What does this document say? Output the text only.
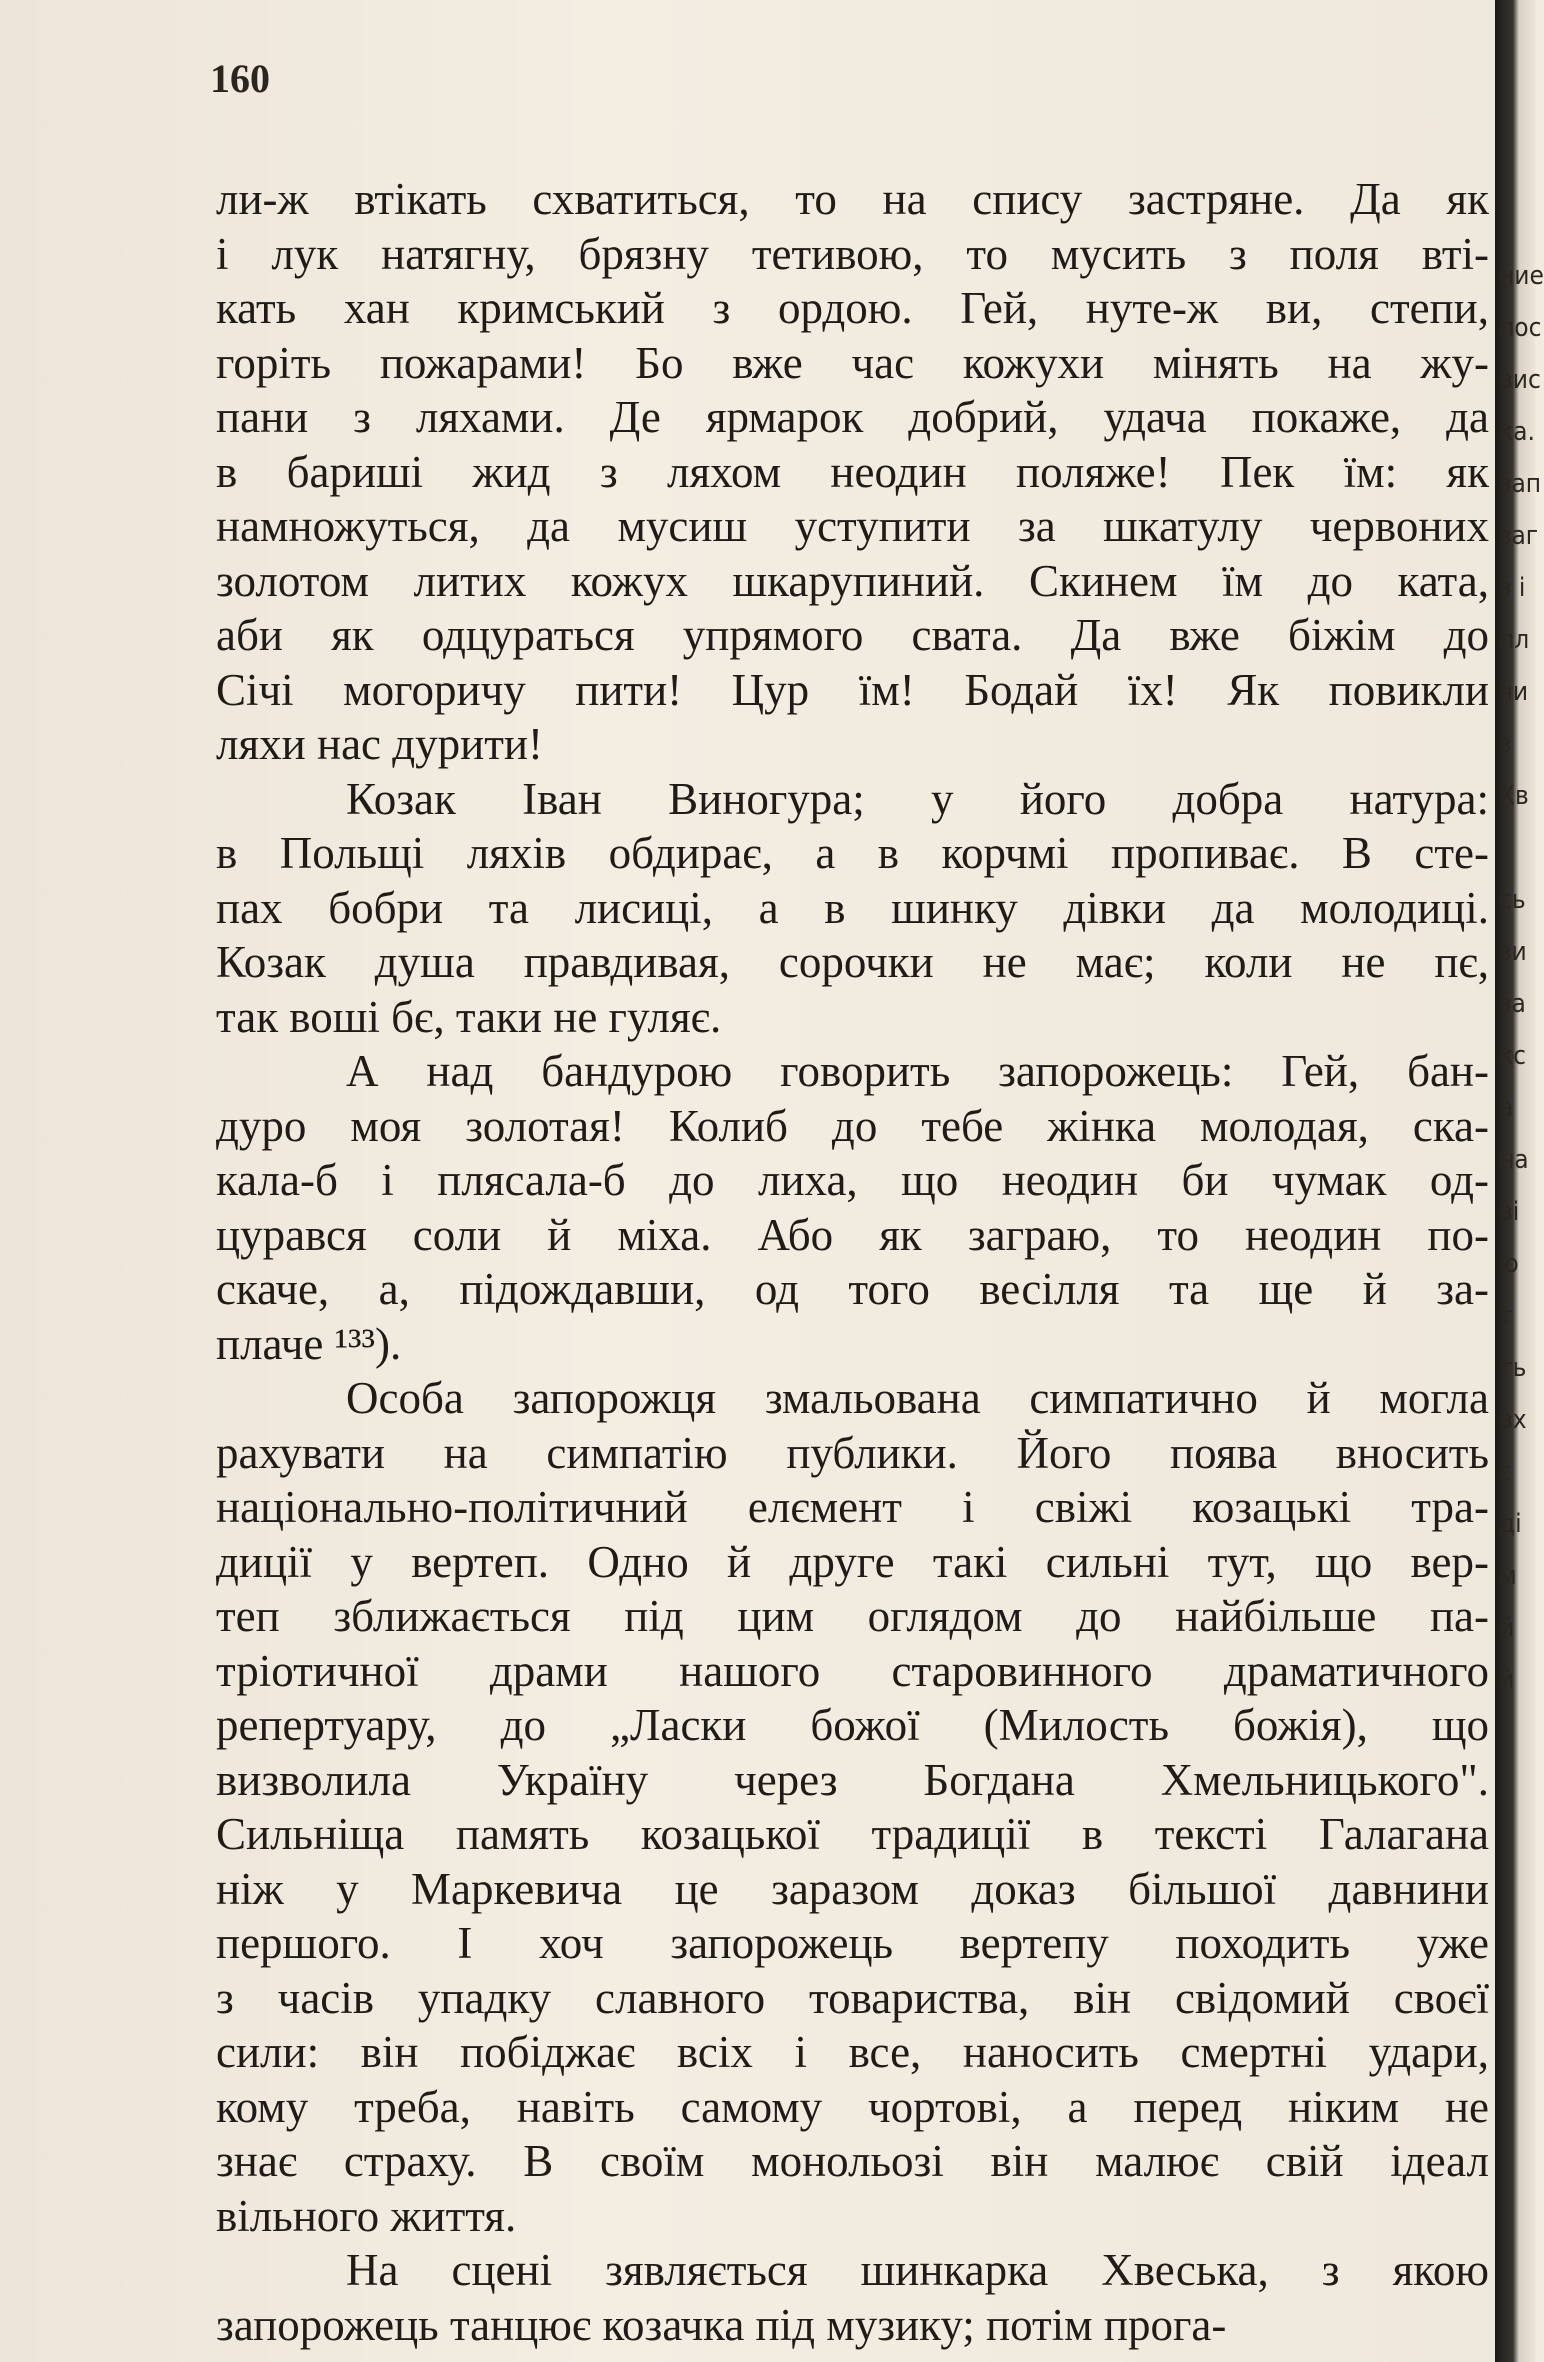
160
ли-ж втікать схватиться, то на спису застряне. Да як
і лук натягну, брязну тетивою, то мусить з поля вті-
кать хан кримський з ордою. Гей, нуте-ж ви, степи,
горіть пожарами! Бо вже час кожухи мінять на жу-
пани з ляхами. Де ярмарок добрий, удача покаже, да
в бариші жид з ляхом неодин поляже! Пек їм: як
намножуться, да мусиш уступити за шкатулу червоних
золотом литих кожух шкарупиний. Скинем їм до ката,
аби як одцураться упрямого свата. Да вже біжім до
Січі могоричу пити! Цур їм! Бодай їх! Як повикли
ляхи нас дурити!
Козак Іван Виногура; у його добра натура:
в Польщі ляхів обдирає, а в корчмі пропиває. В сте-
пах бобри та лисиці, а в шинку дівки да молодиці.
Козак душа правдивая, сорочки не має; коли не пє,
так воші бє, таки не гуляє.
А над бандурою говорить запорожець: Гей, бан-
дуро моя золотая! Колиб до тебе жінка молодая, ска-
кала-б і плясала-б до лиха, що неодин би чумак од-
цурався соли й міха. Або як заграю, то неодин по-
скаче, а, підождавши, од того весілля та ще й за-
плаче ¹³³).
Особа запорожця змальована симпатично й могла
рахувати на симпатію публики. Його поява вносить
національно-політичний елємент і свіжі козацькі тра-
диції у вертеп. Одно й друге такі сильні тут, що вер-
теп зближається під цим оглядом до найбільше па-
тріотичної драми нашого старовинного драматичного
репертуару, до „Ласки божої (Милость божія), що
визволила Україну через Богдана Хмельницького".
Сильніща память козацької традиції в тексті Галагана
ніж у Маркевича це заразом доказ більшої давнини
першого. І хоч запорожець вертепу походить уже
з часів упадку славного товариства, він свідомий своєї
сили: він побіджає всіх і все, наносить смертні удари,
кому треба, навіть самому чортові, а перед ніким не
знає страху. В своїм монольозі він малює свій ідеал
вільного життя.
На сцені зявляється шинкарка Хвеська, з якою
запорожець танцює козачка під музику; потім прога-
ние
пос
вис
ка.
зап
заг
з і
пл
чи
з
Хв
сь
зи
за
кс
а
на
ві
ю
т
ть
вх
с
ді
м
й
й
